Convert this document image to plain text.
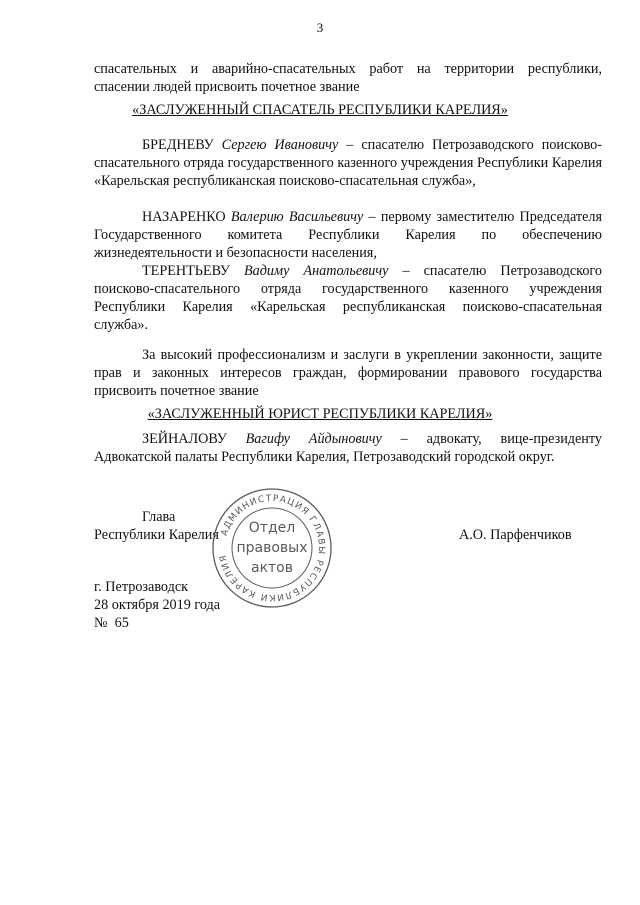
3

спасательных и аварийно-спасательных работ на территории республики,

спасении людей присвоить почетное звание

«ЗАСЛУЖЕННЫЙ СПАСАТЕЛЬ РЕСПУБЛИКИ КАРЕЛИЯ»

БРЕДНЕВУ Сергею Ивановичу – спасателю Петрозаводского поисково-спасательного отряда государственного казенного учреждения Республики Карелия «Карельская республиканская поисково-спасательная служба»,

НАЗАРЕНКО Валерию Васильевичу – первому заместителю Председателя Государственного комитета Республики Карелия по обеспечению жизнедеятельности и безопасности населения,

ТЕРЕНТЬЕВУ Вадиму Анатольевичу – спасателю Петрозаводского поисково-спасательного отряда государственного казенного учреждения Республики Карелия «Карельская республиканская поисково-спасательная служба».

За высокий профессионализм и заслуги в укреплении законности, защите прав и законных интересов граждан, формировании правового государства присвоить почетное звание

«ЗАСЛУЖЕННЫЙ ЮРИСТ РЕСПУБЛИКИ КАРЕЛИЯ»

ЗЕЙНАЛОВУ Вагифу Айдыновичу – адвокату, вице-президенту Адвокатской палаты Республики Карелия, Петрозаводский городской округ.

Глава

Республики Карелия	А.О. Парфенчиков

АДМИНИСТРАЦИЯ ГЛАВЫ РЕСПУБЛИКИ КАРЕЛИЯ
Отдел
правовых
актов

г. Петрозаводск

28 октября 2019 года

№  65
